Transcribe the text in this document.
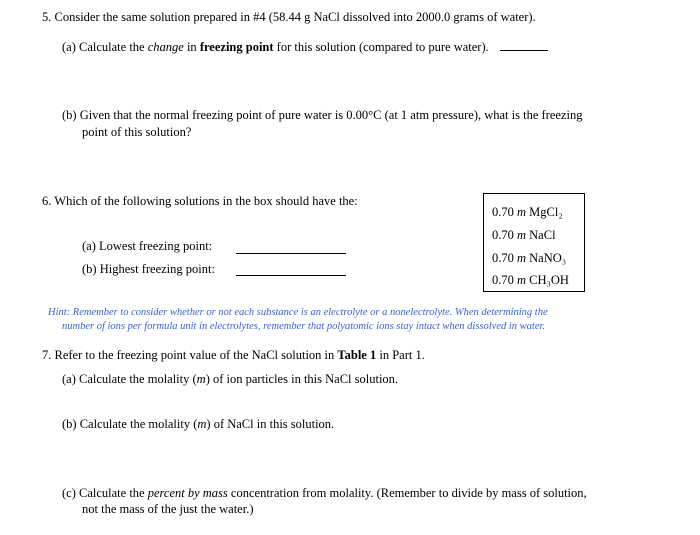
5. Consider the same solution prepared in #4 (58.44 g NaCl dissolved into 2000.0 grams of water).
(a) Calculate the change in freezing point for this solution (compared to pure water).
(b) Given that the normal freezing point of pure water is 0.00°C (at 1 atm pressure), what is the freezing
point of this solution?
6. Which of the following solutions in the box should have the:
(a) Lowest freezing point:
(b) Highest freezing point:
0.70 m MgCl₂
0.70 m NaCl
0.70 m NaNO₃
0.70 m CH₃OH
Hint: Remember to consider whether or not each substance is an electrolyte or a nonelectrolyte. When determining the
number of ions per formula unit in electrolytes, remember that polyatomic ions stay intact when dissolved in water.
7. Refer to the freezing point value of the NaCl solution in Table 1 in Part 1.
(a) Calculate the molality (m) of ion particles in this NaCl solution.
(b) Calculate the molality (m) of NaCl in this solution.
(c) Calculate the percent by mass concentration from molality. (Remember to divide by mass of solution,
not the mass of the just the water.)
